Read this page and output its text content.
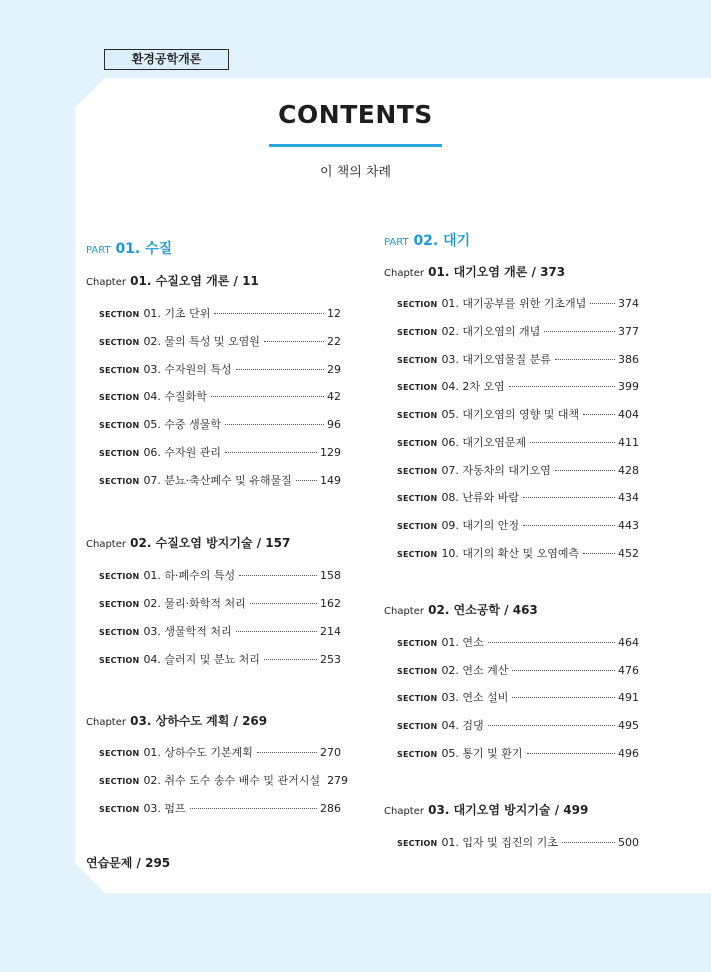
환경공학개론
CONTENTS
이 책의 차례
PART 01. 수질
Chapter 01. 수질오염 개론 / 11
SECTION 01. 기초 단위	12
SECTION 02. 물의 특성 및 오염원	22
SECTION 03. 수자원의 특성	29
SECTION 04. 수질화학	42
SECTION 05. 수중 생물학	96
SECTION 06. 수자원 관리	129
SECTION 07. 분뇨·축산폐수 및 유해물질	149
Chapter 02. 수질오염 방지기술 / 157
SECTION 01. 하·폐수의 특성	158
SECTION 02. 물리·화학적 처리	162
SECTION 03. 생물학적 처리	214
SECTION 04. 슬러지 및 분뇨 처리	253
Chapter 03. 상하수도 계획 / 269
SECTION 01. 상하수도 기본계획	270
SECTION 02. 취수 도수 송수 배수 및 관거시설 279
SECTION 03. 펌프	286
연습문제 / 295
PART 02. 대기
Chapter 01. 대기오염 개론 / 373
SECTION 01. 대기공부를 위한 기초개념	374
SECTION 02. 대기오염의 개념	377
SECTION 03. 대기오염물질 분류	386
SECTION 04. 2차 오염	399
SECTION 05. 대기오염의 영향 및 대책	404
SECTION 06. 대기오염문제	411
SECTION 07. 자동차의 대기오염	428
SECTION 08. 난류와 바람	434
SECTION 09. 대기의 안정	443
SECTION 10. 대기의 확산 및 오염예측	452
Chapter 02. 연소공학 / 463
SECTION 01. 연소	464
SECTION 02. 연소 계산	476
SECTION 03. 연소 설비	491
SECTION 04. 검댕	495
SECTION 05. 통기 및 환기	496
Chapter 03. 대기오염 방지기술 / 499
SECTION 01. 입자 및 집진의 기초	500
